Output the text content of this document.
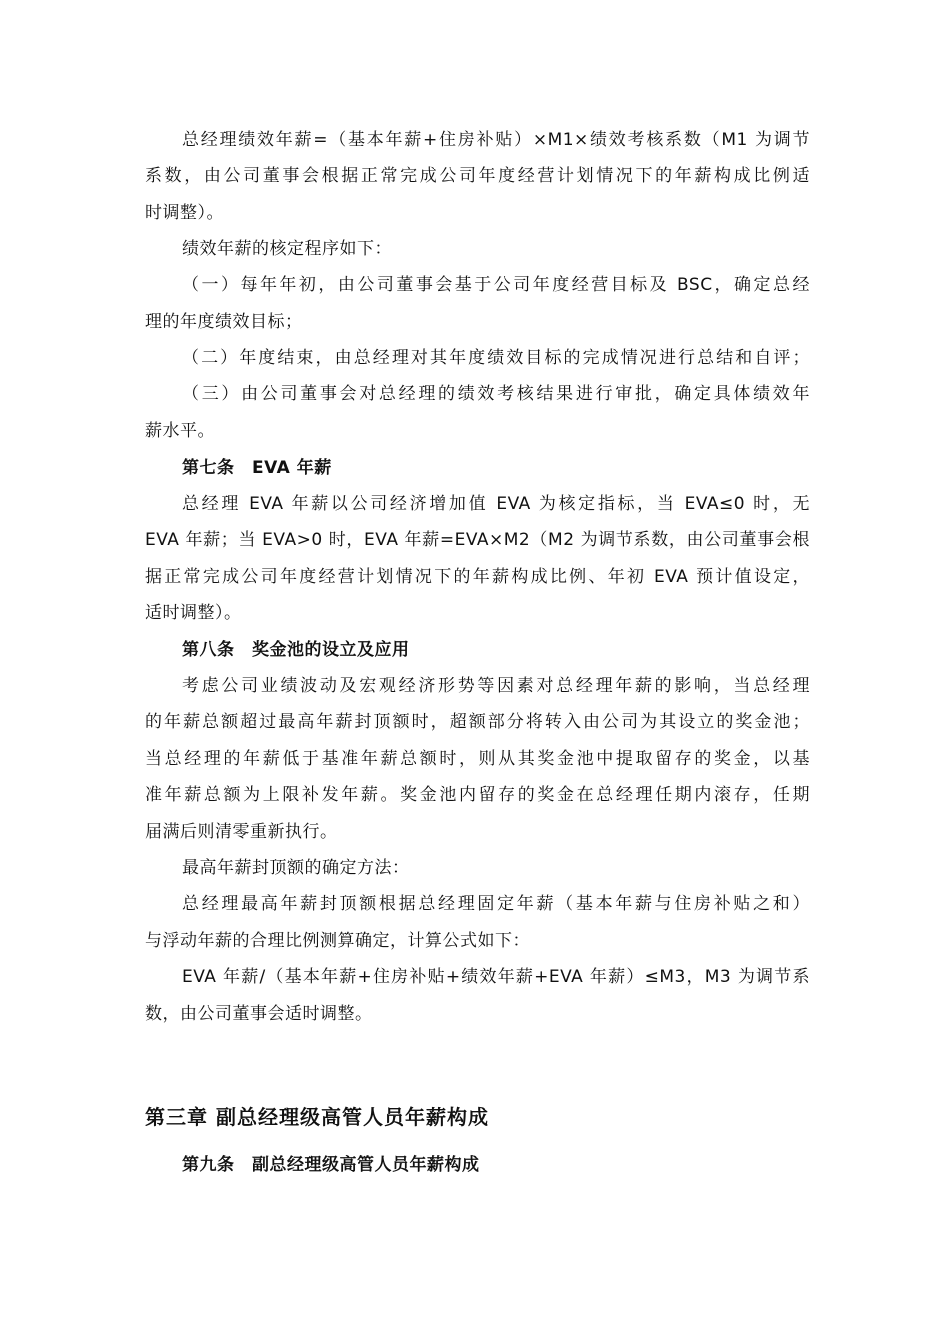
总经理绩效年薪=（基本年薪+住房补贴）×M1×绩效考核系数（M1 为调节
系数，由公司董事会根据正常完成公司年度经营计划情况下的年薪构成比例适
时调整）。
绩效年薪的核定程序如下：
（一）每年年初，由公司董事会基于公司年度经营目标及 BSC，确定总经
理的年度绩效目标；
（二）年度结束，由总经理对其年度绩效目标的完成情况进行总结和自评；
（三）由公司董事会对总经理的绩效考核结果进行审批，确定具体绩效年
薪水平。
第七条　EVA 年薪
总经理 EVA 年薪以公司经济增加值 EVA 为核定指标，当 EVA≤0 时，无
EVA 年薪；当 EVA>0 时，EVA 年薪=EVA×M2（M2 为调节系数，由公司董事会根
据正常完成公司年度经营计划情况下的年薪构成比例、年初 EVA 预计值设定，
适时调整）。
第八条　奖金池的设立及应用
考虑公司业绩波动及宏观经济形势等因素对总经理年薪的影响，当总经理
的年薪总额超过最高年薪封顶额时，超额部分将转入由公司为其设立的奖金池；
当总经理的年薪低于基准年薪总额时，则从其奖金池中提取留存的奖金，以基
准年薪总额为上限补发年薪。奖金池内留存的奖金在总经理任期内滚存，任期
届满后则清零重新执行。
最高年薪封顶额的确定方法：
总经理最高年薪封顶额根据总经理固定年薪（基本年薪与住房补贴之和）
与浮动年薪的合理比例测算确定，计算公式如下：
EVA 年薪/（基本年薪+住房补贴+绩效年薪+EVA 年薪）≤M3，M3 为调节系
数，由公司董事会适时调整。
第三章 副总经理级高管人员年薪构成
第九条　副总经理级高管人员年薪构成
